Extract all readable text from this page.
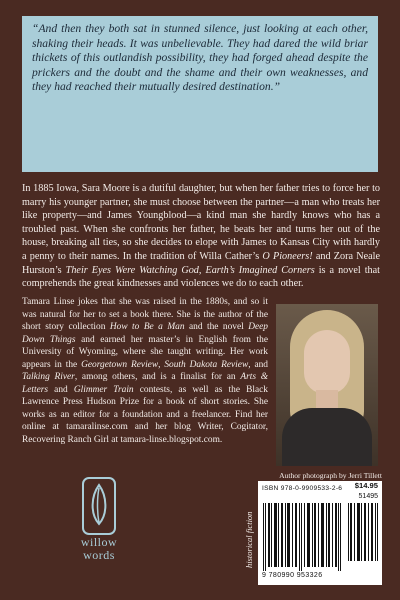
“And then they both sat in stunned silence, just looking at each other, shaking their heads. It was unbelievable. They had dared the wild briar thickets of this outlandish possibility, they had forged ahead despite the prickers and the doubt and the shame and their own weaknesses, and they had reached their mutually desired destination.”
In 1885 Iowa, Sara Moore is a dutiful daughter, but when her father tries to force her to marry his younger partner, she must choose between the partner—a man who treats her like property—and James Youngblood—a kind man she hardly knows who has a troubled past. When she confronts her father, he beats her and turns her out of the house, breaking all ties, so she decides to elope with James to Kansas City with hardly a penny to their names. In the tradition of Willa Cather’s O Pioneers! and Zora Neale Hurston’s Their Eyes Were Watching God, Earth’s Imagined Corners is a novel that comprehends the great kindnesses and violences we do to each other.
Tamara Linse jokes that she was raised in the 1880s, and so it was natural for her to set a book there. She is the author of the short story collection How to Be a Man and the novel Deep Down Things and earned her master’s in English from the University of Wyoming, where she taught writing. Her work appears in the Georgetown Review, South Dakota Review, and Talking River, among others, and is a finalist for an Arts & Letters and Glimmer Train contests, as well as the Black Lawrence Press Hudson Prize for a book of short stories. She works as an editor for a foundation and a freelancer. Find her online at tamaralinse.com and her blog Writer, Cogitator, Recovering Ranch Girl at tamara-linse.blogspot.com.
Author photograph by Jerri Tillett
willow
words	historical fiction
ISBN 978-0-9909533-2-6 $14.95
51495
9 780990 953326
